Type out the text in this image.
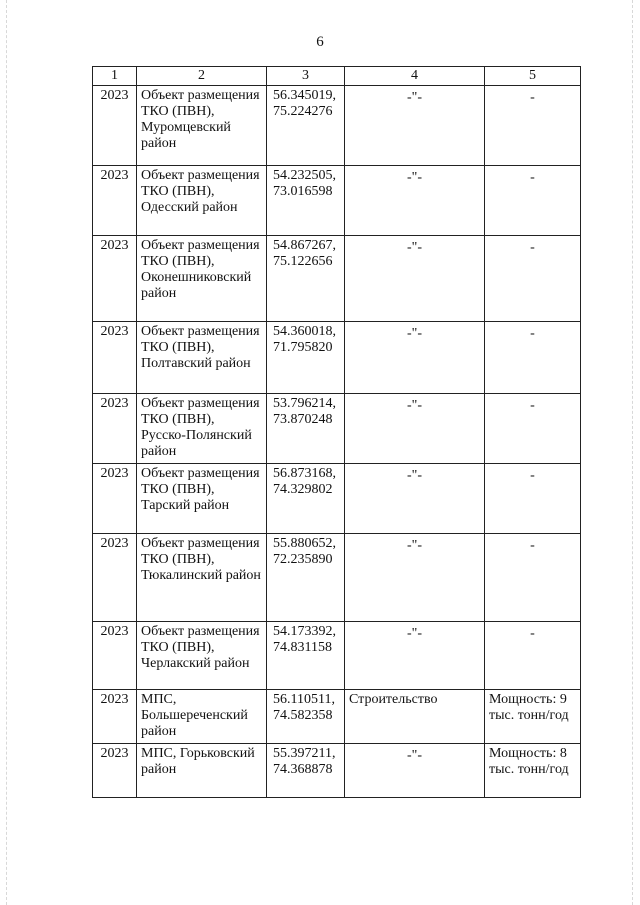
6
1	2	3	4	5
2023	Объект размещения ТКО (ПВН), Муромцевский район	56.345019, 75.224276	-"-	-
2023	Объект размещения ТКО (ПВН), Одесский район	54.232505, 73.016598	-"-	-
2023	Объект размещения ТКО (ПВН), Оконешниковский район	54.867267, 75.122656	-"-	-
2023	Объект размещения ТКО (ПВН), Полтавский район	54.360018, 71.795820	-"-	-
2023	Объект размещения ТКО (ПВН), Русско-Полянский район	53.796214, 73.870248	-"-	-
2023	Объект размещения ТКО (ПВН), Тарский район	56.873168, 74.329802	-"-	-
2023	Объект размещения ТКО (ПВН), Тюкалинский район	55.880652, 72.235890	-"-	-
2023	Объект размещения ТКО (ПВН), Черлакский район	54.173392, 74.831158	-"-	-
2023	МПС, Большереченский район	56.110511, 74.582358	Строительство	Мощность: 9 тыс. тонн/год
2023	МПС, Горьковский район	55.397211, 74.368878	-"-	Мощность: 8 тыс. тонн/год
